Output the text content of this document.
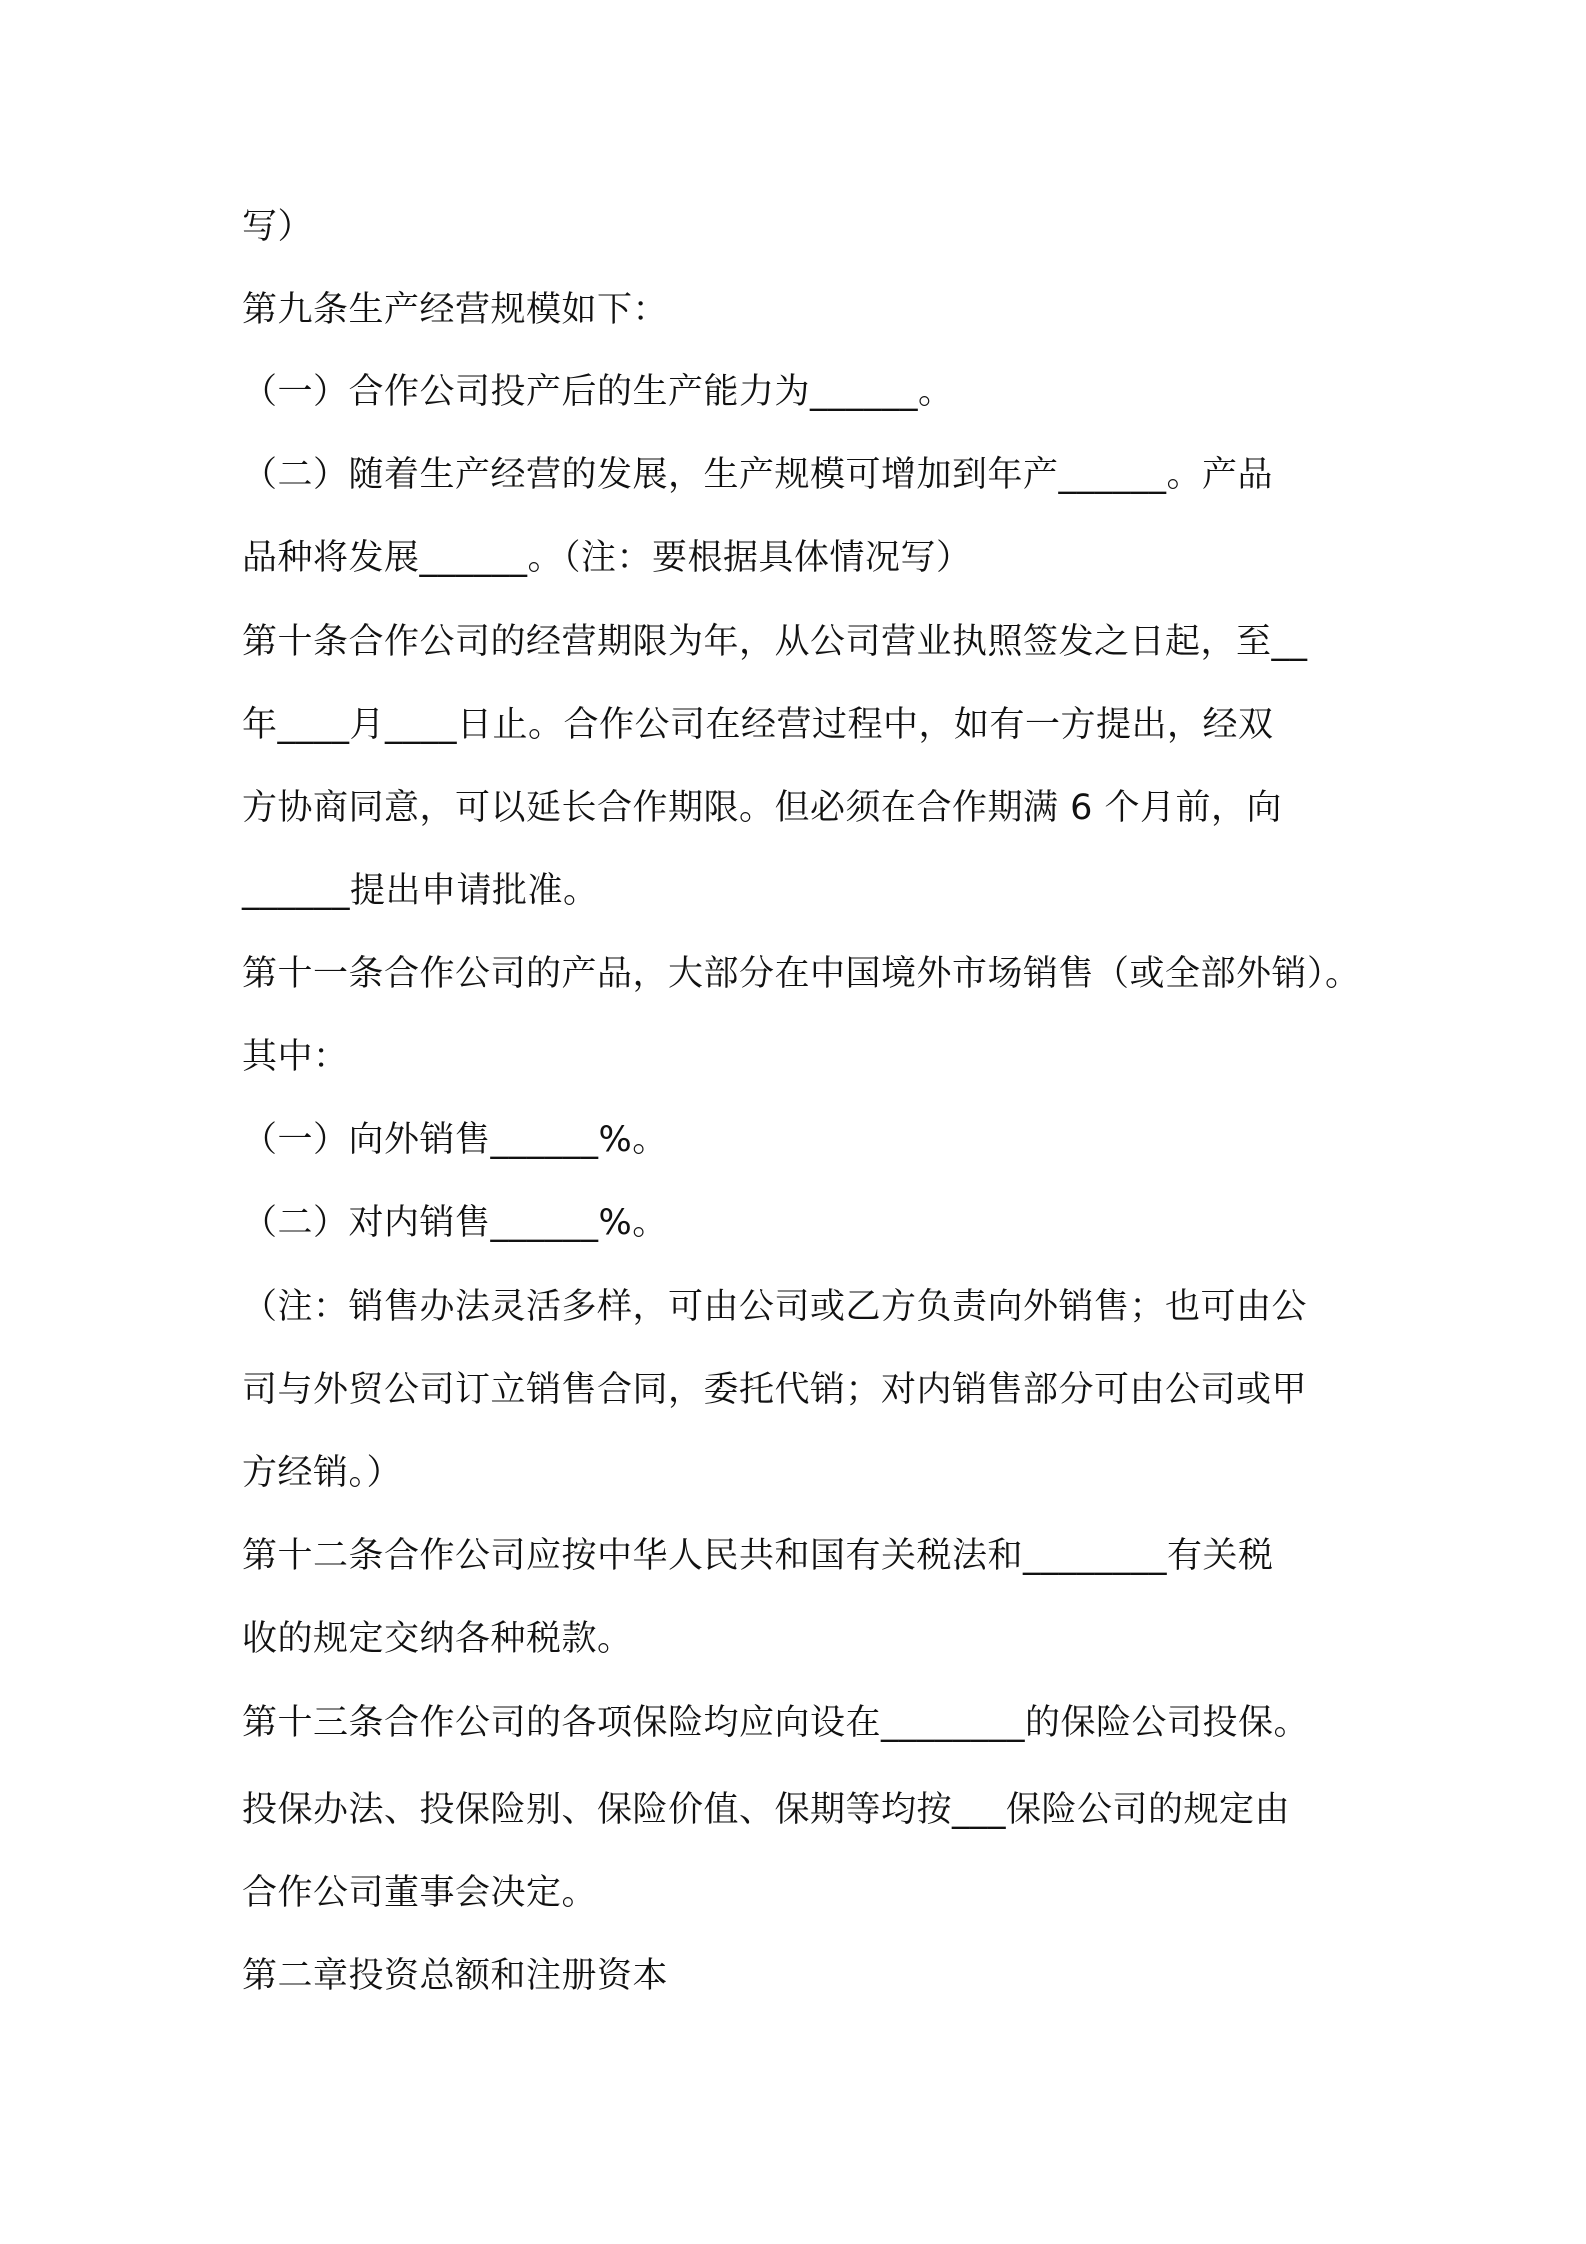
写）
第九条生产经营规模如下：
（一）合作公司投产后的生产能力为______。
（二）随着生产经营的发展，生产规模可增加到年产______。产品
品种将发展______。（注：要根据具体情况写）
第十条合作公司的经营期限为年，从公司营业执照签发之日起，至__
年____月____日止。合作公司在经营过程中，如有一方提出，经双
方协商同意，可以延长合作期限。但必须在合作期满 6 个月前，向
______提出申请批准。
第十一条合作公司的产品，大部分在中国境外市场销售（或全部外销）。
其中：
（一）向外销售______%。
（二）对内销售______%。
（注：销售办法灵活多样，可由公司或乙方负责向外销售；也可由公
司与外贸公司订立销售合同，委托代销；对内销售部分可由公司或甲
方经销。）
第十二条合作公司应按中华人民共和国有关税法和________有关税
收的规定交纳各种税款。
第十三条合作公司的各项保险均应向设在________的保险公司投保。
投保办法、投保险别、保险价值、保期等均按___保险公司的规定由
合作公司董事会决定。
第二章投资总额和注册资本
